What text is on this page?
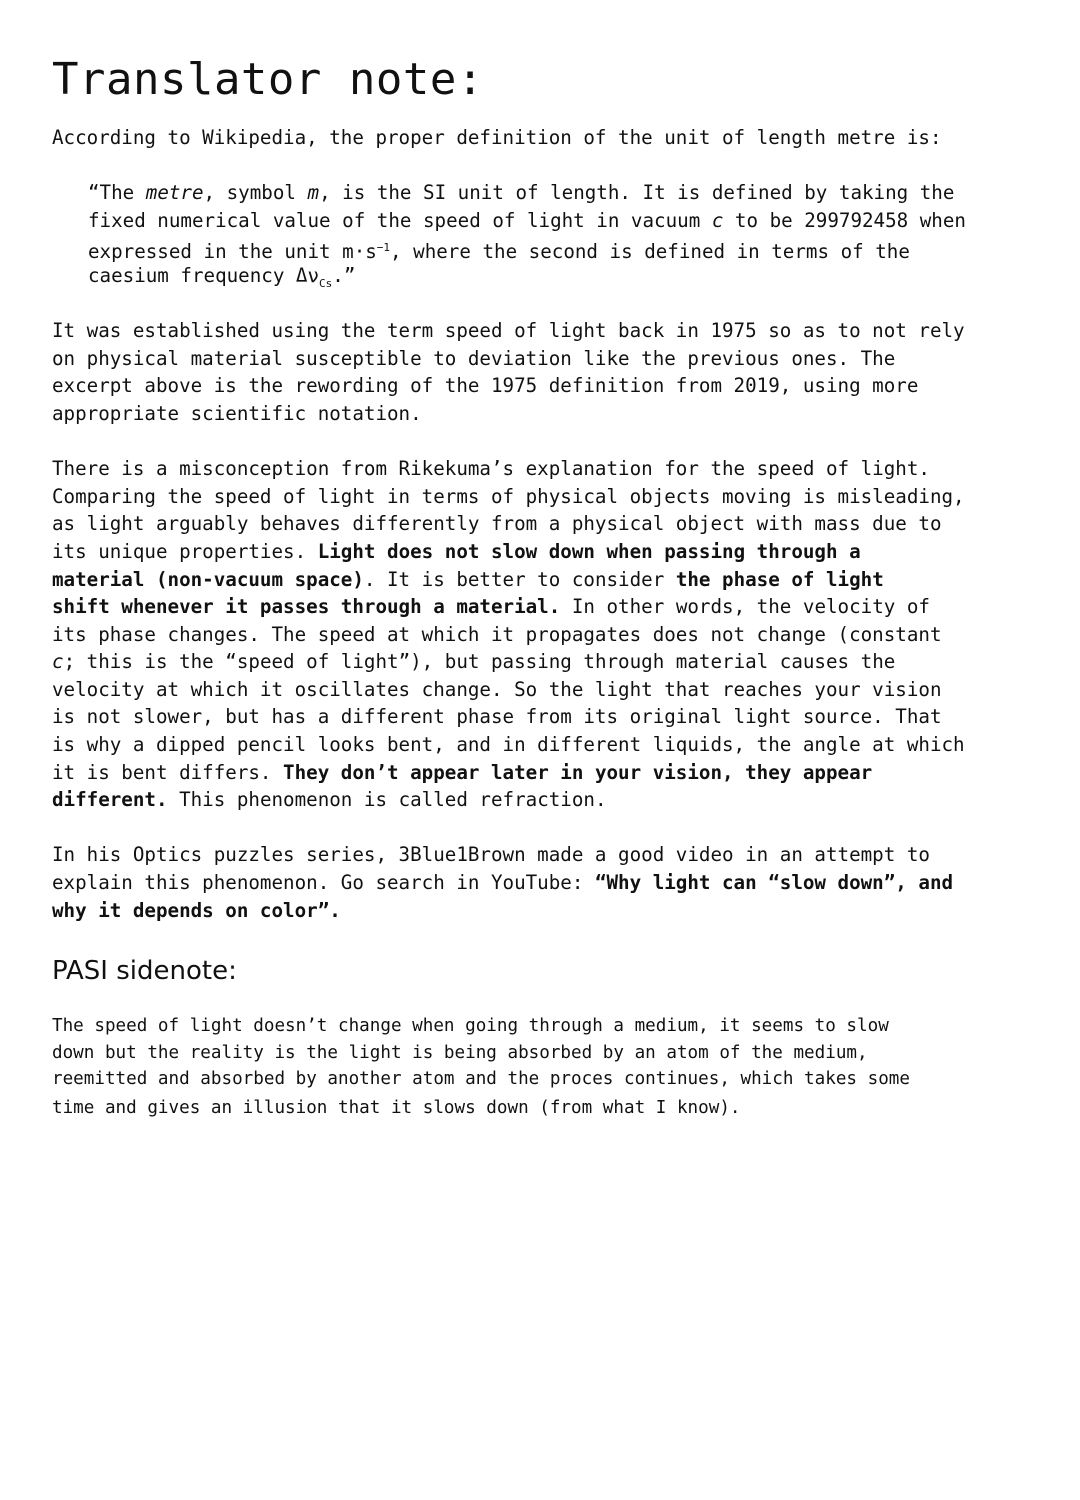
Translator note:

According to Wikipedia, the proper definition of the unit of length metre is:

“The metre, symbol m, is the SI unit of length. It is defined by taking the

fixed numerical value of the speed of light in vacuum c to be 299792458 when

expressed in the unit $m\cdot s^{-1}$, where the second is defined in terms of the

caesium frequency $\Delta\nu_{Cs}$.”

It was established using the term speed of light back in 1975 so as to not rely

on physical material susceptible to deviation like the previous ones. The

excerpt above is the rewording of the 1975 definition from 2019, using more

appropriate scientific notation.

There is a misconception from Rikekuma’s explanation for the speed of light.

Comparing the speed of light in terms of physical objects moving is misleading,

as light arguably behaves differently from a physical object with mass due to

its unique properties. Light does not slow down when passing through a

material (non-vacuum space). It is better to consider the phase of light

shift whenever it passes through a material. In other words, the velocity of

its phase changes. The speed at which it propagates does not change (constant

c; this is the “speed of light”), but passing through material causes the

velocity at which it oscillates change. So the light that reaches your vision

is not slower, but has a different phase from its original light source. That

is why a dipped pencil looks bent, and in different liquids, the angle at which

it is bent differs. They don’t appear later in your vision, they appear

different. This phenomenon is called refraction.

In his Optics puzzles series, 3Blue1Brown made a good video in an attempt to

explain this phenomenon. Go search in YouTube: “Why light can “slow down”, and

why it depends on color”.

PASI sidenote:

The speed of light doesn’t change when going through a medium, it seems to slow

down but the reality is the light is being absorbed by an atom of the medium,

reemitted and absorbed by another atom and the proces continues, which takes some

time and gives an illusion that it slows down (from what I know).
